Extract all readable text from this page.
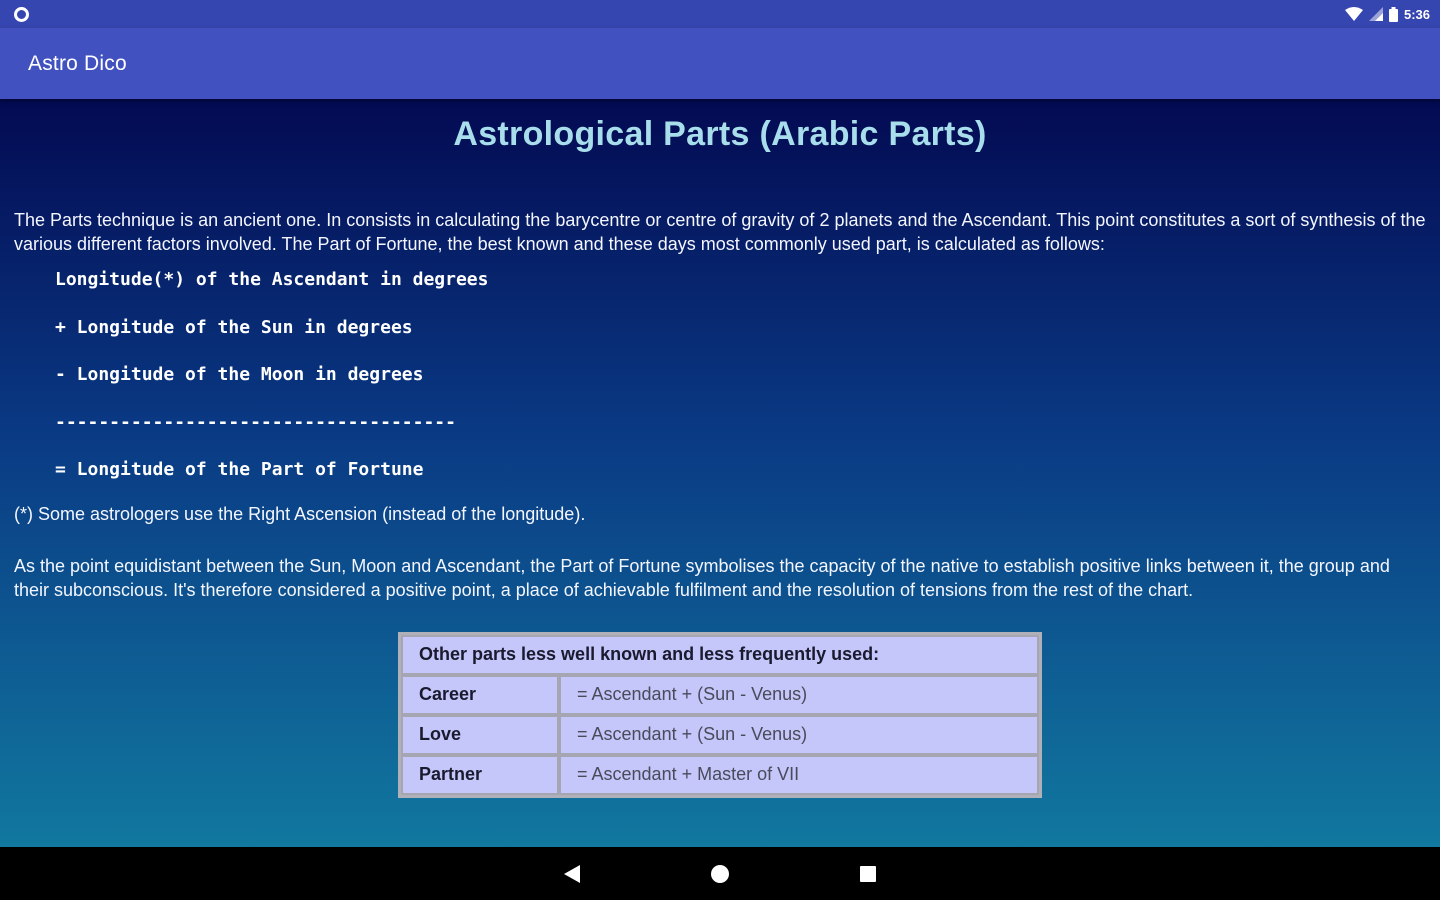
5:36
Astro Dico
Astrological Parts (Arabic Parts)

The Parts technique is an ancient one. In consists in calculating the barycentre or centre of gravity of 2 planets and the Ascendant. This point constitutes a sort of synthesis of the various different factors involved. The Part of Fortune, the best known and these days most commonly used part, is calculated as follows:

Longitude(*) of the Ascendant in degrees
+ Longitude of the Sun in degrees
- Longitude of the Moon in degrees
-------------------------------------
= Longitude of the Part of Fortune

(*) Some astrologers use the Right Ascension (instead of the longitude).

As the point equidistant between the Sun, Moon and Ascendant, the Part of Fortune symbolises the capacity of the native to establish positive links between it, the group and their subconscious. It's therefore considered a positive point, a place of achievable fulfilment and the resolution of tensions from the rest of the chart.

Other parts less well known and less frequently used:	
Career	= Ascendant + (Sun - Venus)
Love	= Ascendant + (Sun - Venus)
Partner	= Ascendant + Master of VII
